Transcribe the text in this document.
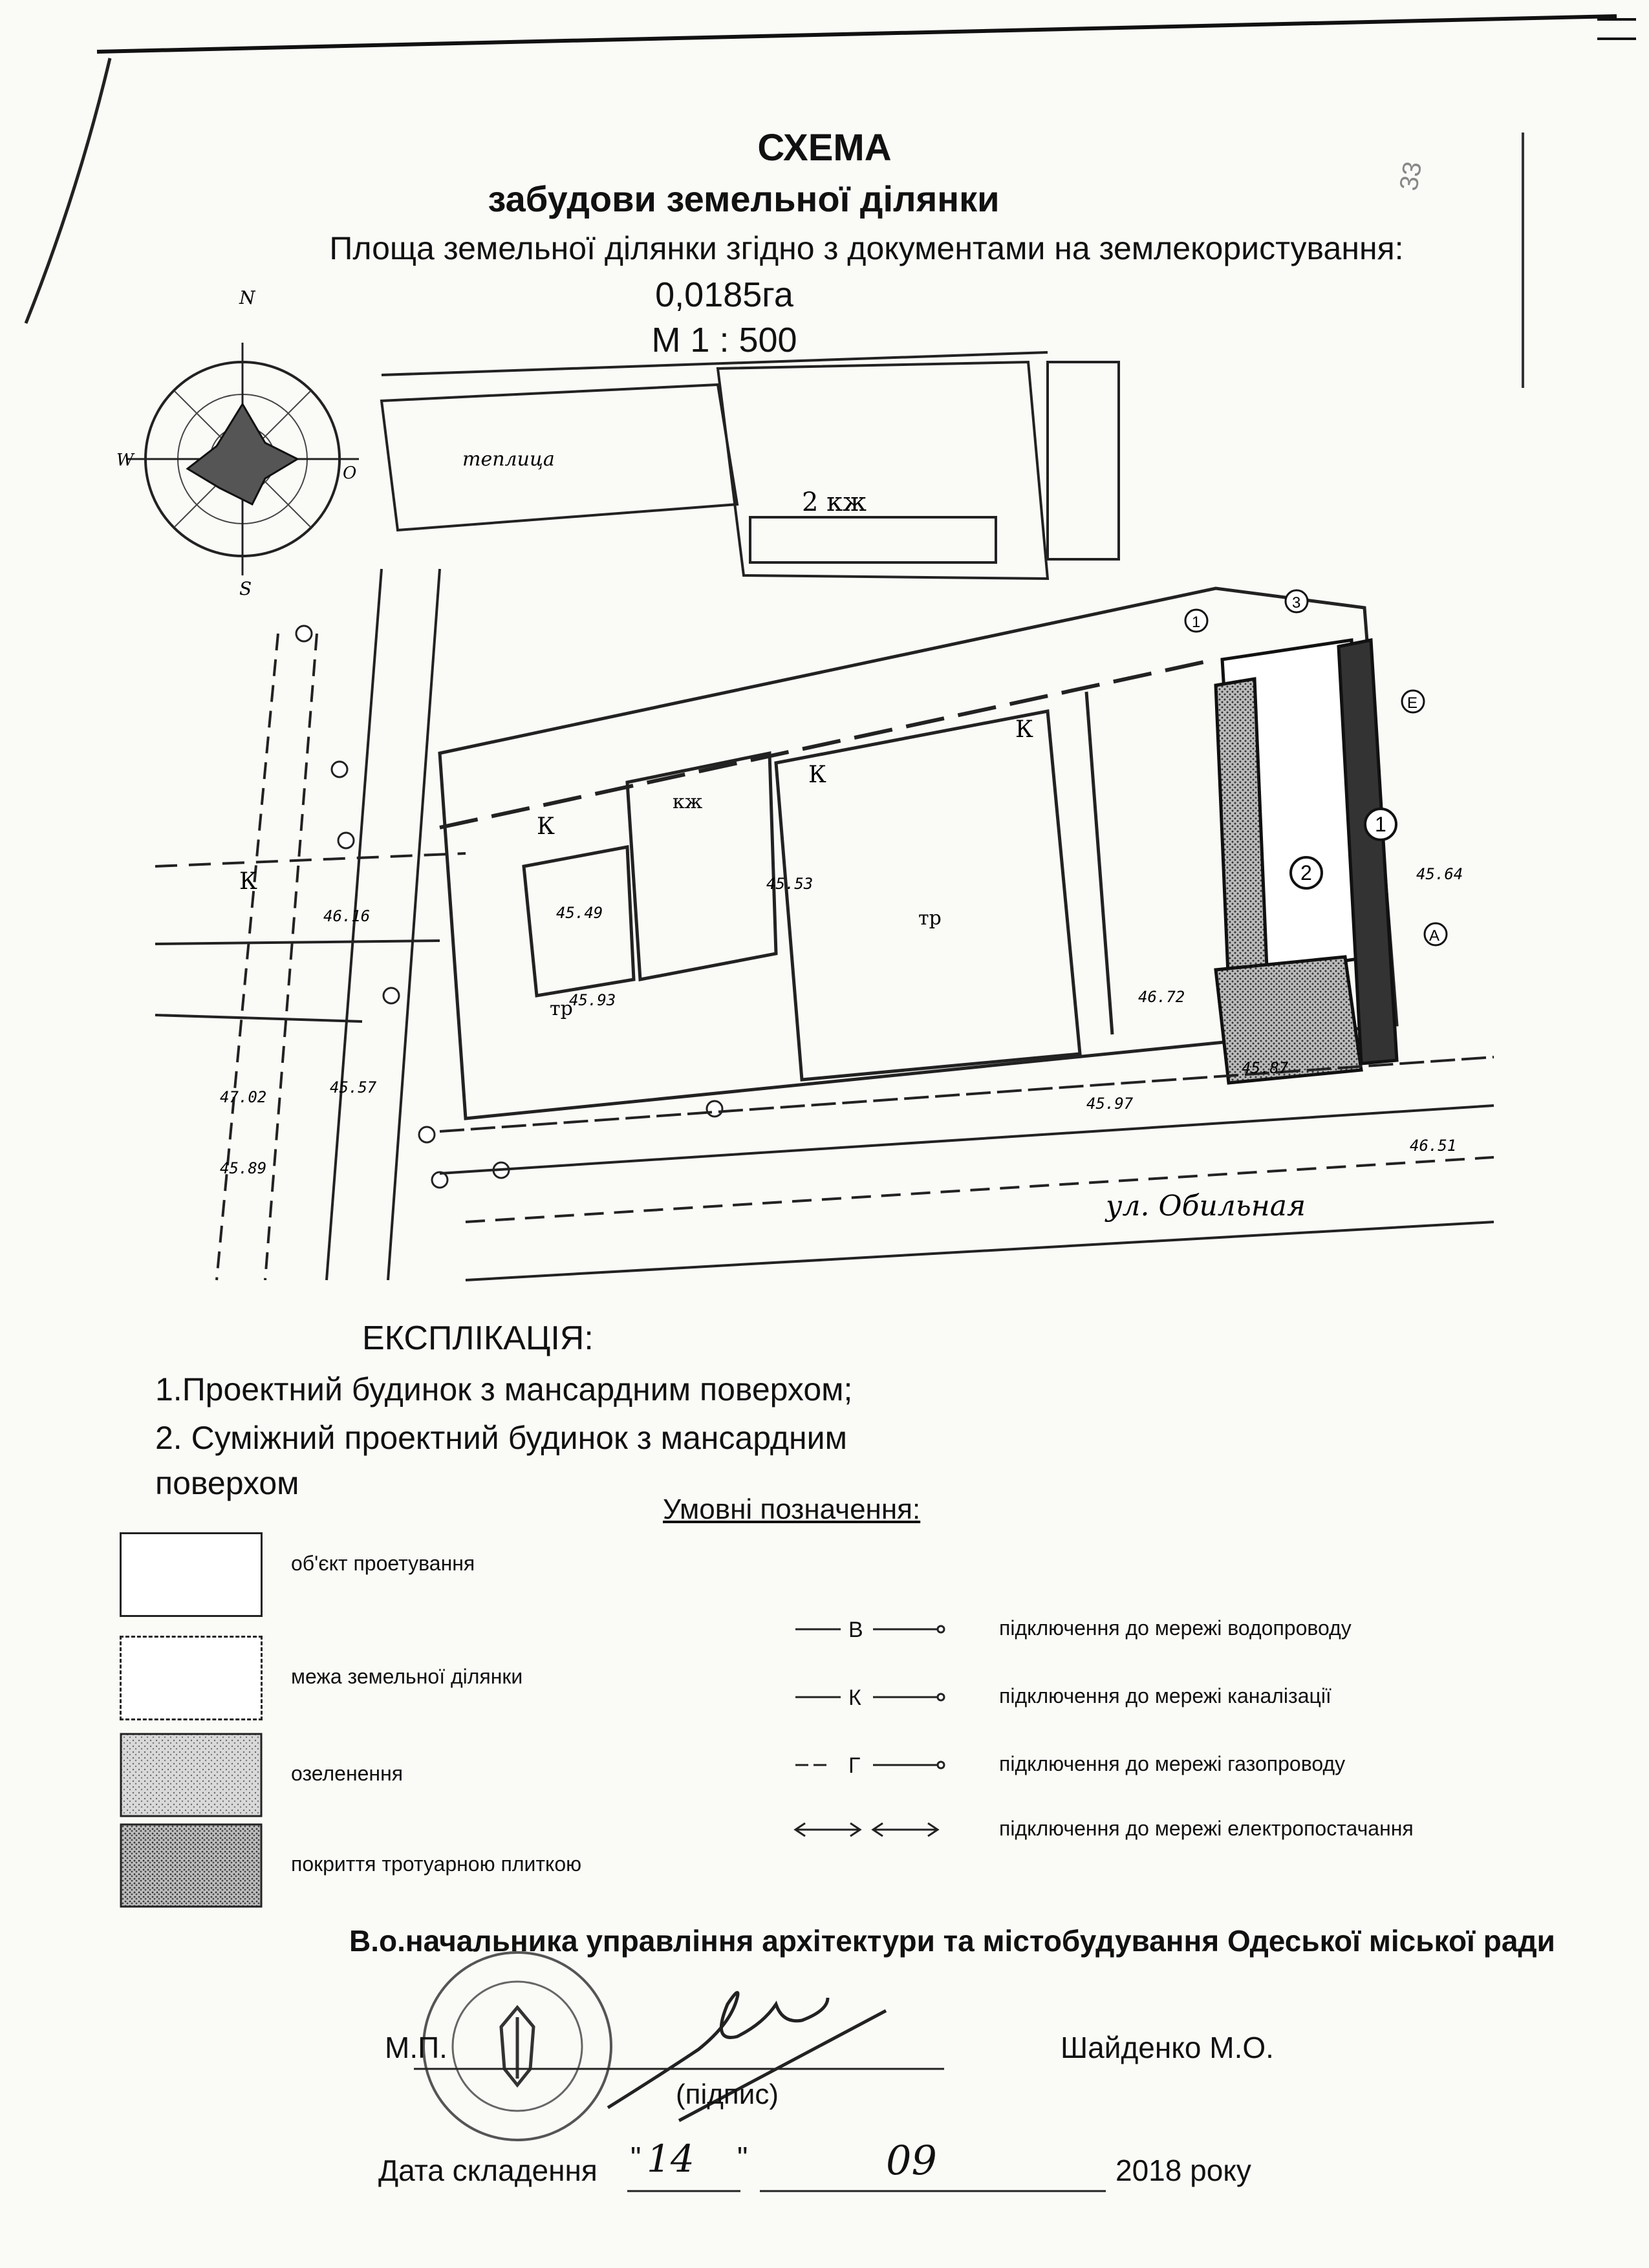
СХЕМА
забудови земельної ділянки
Площа земельної ділянки згідно з документами на землекористування:
0,0185га
М 1 : 500
33
N
S
W
O
теплица
2 кж
К
К
К
К
кж
тр
тр
1
2
1
3
E
A
ул. Обильная
45.97
45.87
46.16
45.53
45.49
47.02
45.57
45.89
45.64
46.51
45.93	46.72
ЕКСПЛІКАЦІЯ:
1.Проектний будинок з мансардним поверхом;
2. Суміжний проектний будинок з мансардним
поверхом
Умовні позначення:
об'єкт проетування
межа земельної ділянки
озеленення
покриття тротуарною плиткою
В
К
Г
підключення до мережі водопроводу
підключення до мережі каналізації
підключення до мережі газопроводу
підключення до мережі електропостачання
В.о.начальника управління архітектури та містобудування Одеської міської ради
М.П.
(підпис)
Шайденко М.О.
Дата складення " 14 "	09	2018 року
